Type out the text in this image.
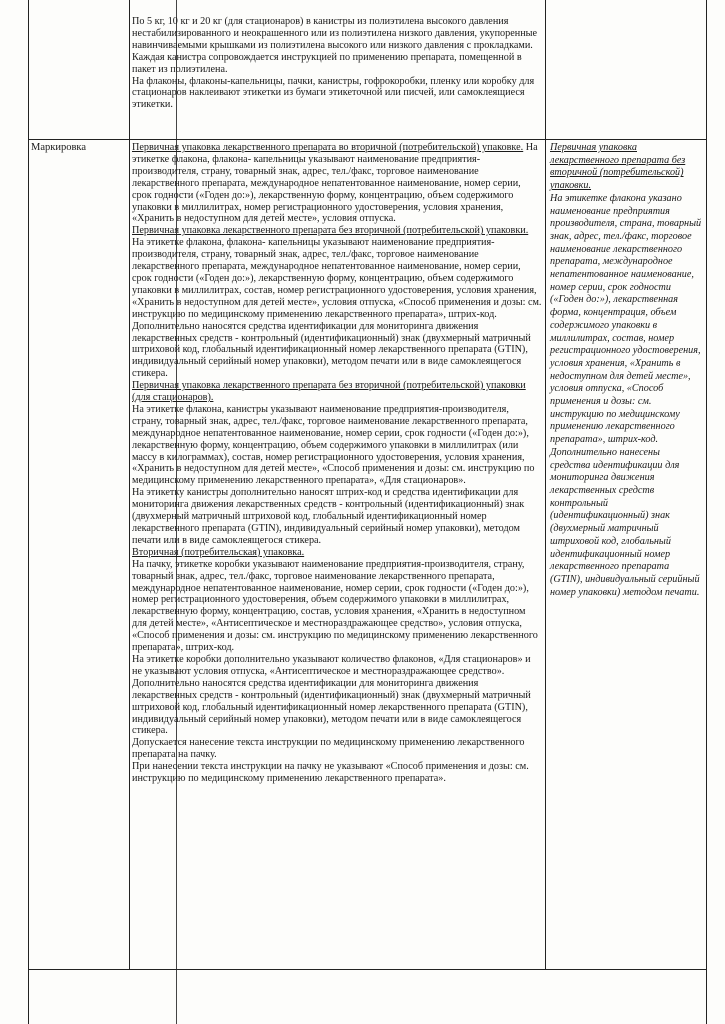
По 5 кг, 10 кг и 20 кг (для стационаров) в канистры из полиэтилена высокого давления нестабилизированного и неокрашенного или из полиэтилена низкого давления, укупоренные навинчиваемыми крышками из полиэтилена высокого или низкого давления с прокладками.

Каждая канистра сопровождается инструкцией по применению препарата, помещенной в пакет из полиэтилена.

На флаконы, флаконы-капельницы, пачки, канистры, гофрокоробки, пленку или коробку для стационаров наклеивают этикетки из бумаги этикеточной или писчей, или самоклеящиеся этикетки.

Маркировка	Первичная упаковка лекарственного препарата во вторичной (потребительской) упаковке. На этикетке флакона, флакона- капельницы указывают наименование предприятия-производителя, страну, товарный знак, адрес, тел./факс, торговое наименование лекарственного препарата, международное непатентованное наименование, номер серии, срок годности («Годен до:»), лекарственную форму, концентрацию, объем содержимого упаковки в миллилитрах, номер регистрационного удостоверения, условия хранения, «Хранить в недоступном для детей месте», условия отпуска.

Первичная упаковка лекарственного препарата без вторичной (потребительской) упаковки.

На этикетке флакона, флакона- капельницы указывают наименование предприятия-производителя, страну, товарный знак, адрес, тел./факс, торговое наименование лекарственного препарата, международное непатентованное наименование, номер серии, срок годности («Годен до:»), лекарственную форму, концентрацию, объем содержимого упаковки в миллилитрах, состав, номер регистрационного удостоверения, условия хранения, «Хранить в недоступном для детей месте», условия отпуска, «Способ применения и дозы: см. инструкцию по медицинскому применению лекарственного препарата», штрих-код.

Дополнительно наносятся средства идентификации для мониторинга движения лекарственных средств - контрольный (идентификационный) знак (двухмерный матричный штриховой код, глобальный идентификационный номер лекарственного препарата (GTIN), индивидуальный серийный номер упаковки), методом печати или в виде самоклеящегося стикера.

Первичная упаковка лекарственного препарата без вторичной (потребительской) упаковки (для стационаров).

На этикетке флакона, канистры указывают наименование предприятия-производителя, страну, товарный знак, адрес, тел./факс, торговое наименование лекарственного препарата, международное непатентованное наименование, номер серии, срок годности («Годен до:»), лекарственную форму, концентрацию, объем содержимого упаковки в миллилитрах (или массу в килограммах), состав, номер регистрационного удостоверения, условия хранения, «Хранить в недоступном для детей месте», «Способ применения и дозы: см. инструкцию по медицинскому применению лекарственного препарата», «Для стационаров».

На этикетку канистры дополнительно наносят штрих-код и средства идентификации для мониторинга движения лекарственных средств - контрольный (идентификационный) знак (двухмерный матричный штриховой код, глобальный идентификационный номер лекарственного препарата (GTIN), индивидуальный серийный номер упаковки), методом печати или в виде самоклеящегося стикера.

Вторичная (потребительская) упаковка.

На пачку, этикетке коробки указывают наименование предприятия-производителя, страну, товарный знак, адрес, тел./факс, торговое наименование лекарственного препарата, международное непатентованное наименование, номер серии, срок годности («Годен до:»), номер регистрационного удостоверения, объем содержимого упаковки в миллилитрах, лекарственную форму, концентрацию, состав, условия хранения, «Хранить в недоступном для детей месте», «Антисептическое и местнораздражающее средство», условия отпуска, «Способ применения и дозы: см. инструкцию по медицинскому применению лекарственного препарата», штрих-код.

На этикетке коробки дополнительно указывают количество флаконов, «Для стационаров» и не указывают условия отпуска, «Антисептическое и местнораздражающее средство».

Дополнительно наносятся средства идентификации для мониторинга движения лекарственных средств - контрольный (идентификационный) знак (двухмерный матричный штриховой код, глобальный идентификационный номер лекарственного препарата (GTIN), индивидуальный серийный номер упаковки), методом печати или в виде самоклеящегося стикера.

Допускается нанесение текста инструкции по медицинскому применению лекарственного препарата на пачку.

При нанесении текста инструкции на пачку не указывают «Способ применения и дозы: см. инструкцию по медицинскому применению лекарственного препарата».

Первичная упаковка лекарственного препарата без вторичной (потребительской) упаковки.

На этикетке флакона указано наименование предприятия производителя, страна, товарный знак, адрес, тел./факс, торговое наименование лекарственного препарата, международное непатентованное наименование, номер серии, срок годности («Годен до:»), лекарственная форма, концентрация, объем содержимого упаковки в миллилитрах, состав, номер регистрационного удостоверения, условия хранения, «Хранить в недоступном для детей месте», условия отпуска, «Способ применения и дозы: см. инструкцию по медицинскому применению лекарственного препарата», штрих-код. Дополнительно нанесены средства идентификации для мониторинга движения лекарственных средств контрольный (идентификационный) знак (двухмерный матричный штриховой код, глобальный идентификационный номер лекарственного препарата (GTIN), индивидуальный серийный номер упаковки) методом печати.
